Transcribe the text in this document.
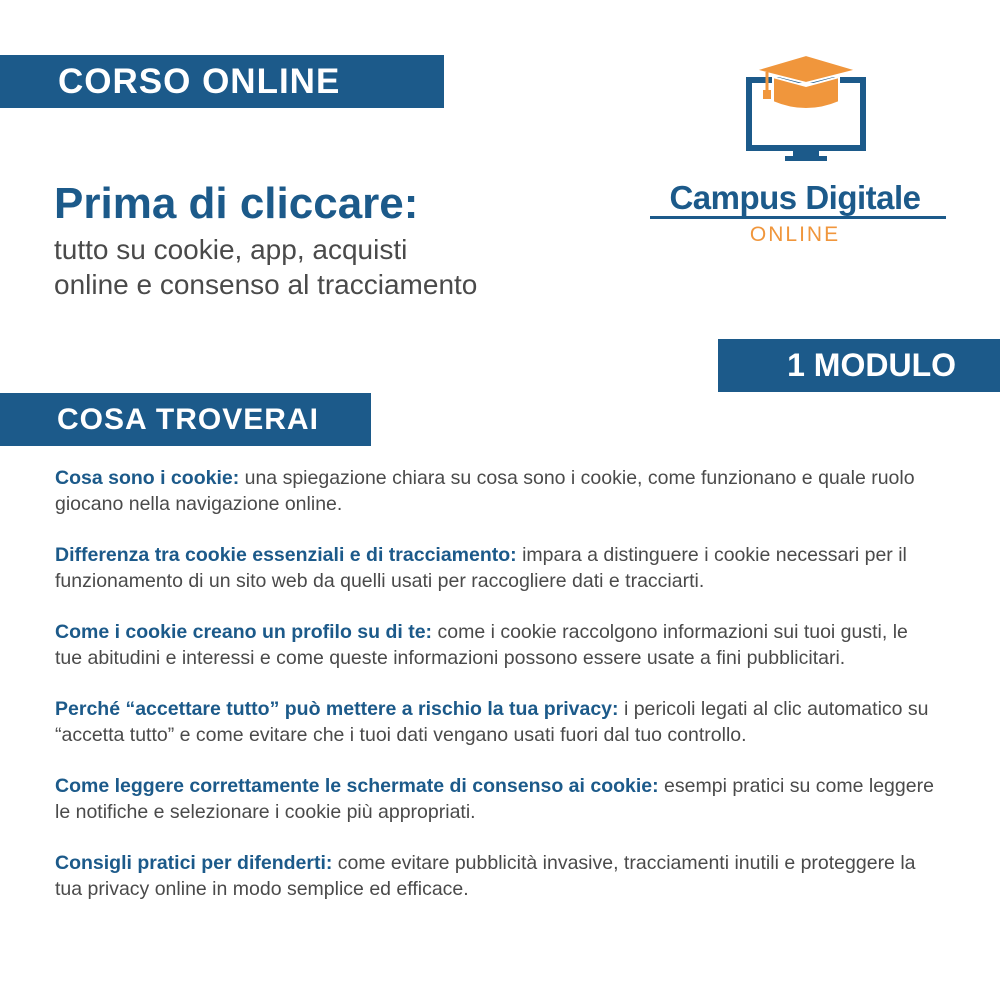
CORSO ONLINE

Prima di cliccare:

tutto su cookie, app, acquisti

online e consenso al tracciamento

Campus Digitale
ONLINE
1 MODULO
COSA TROVERAI

Cosa sono i cookie: una spiegazione chiara su cosa sono i cookie, come funzionano e quale ruolo giocano nella navigazione online.

Differenza tra cookie essenziali e di tracciamento: impara a distinguere i cookie necessari per il funzionamento di un sito web da quelli usati per raccogliere dati e tracciarti.

Come i cookie creano un profilo su di te: come i cookie raccolgono informazioni sui tuoi gusti, le tue abitudini e interessi e come queste informazioni possono essere usate a fini pubblicitari.

Perché “accettare tutto” può mettere a rischio la tua privacy: i pericoli legati al clic automatico su “accetta tutto” e come evitare che i tuoi dati vengano usati fuori dal tuo controllo.

Come leggere correttamente le schermate di consenso ai cookie: esempi pratici su come leggere le notifiche e selezionare i cookie più appropriati.

Consigli pratici per difenderti: come evitare pubblicità invasive, tracciamenti inutili e proteggere la tua privacy online in modo semplice ed efficace.
